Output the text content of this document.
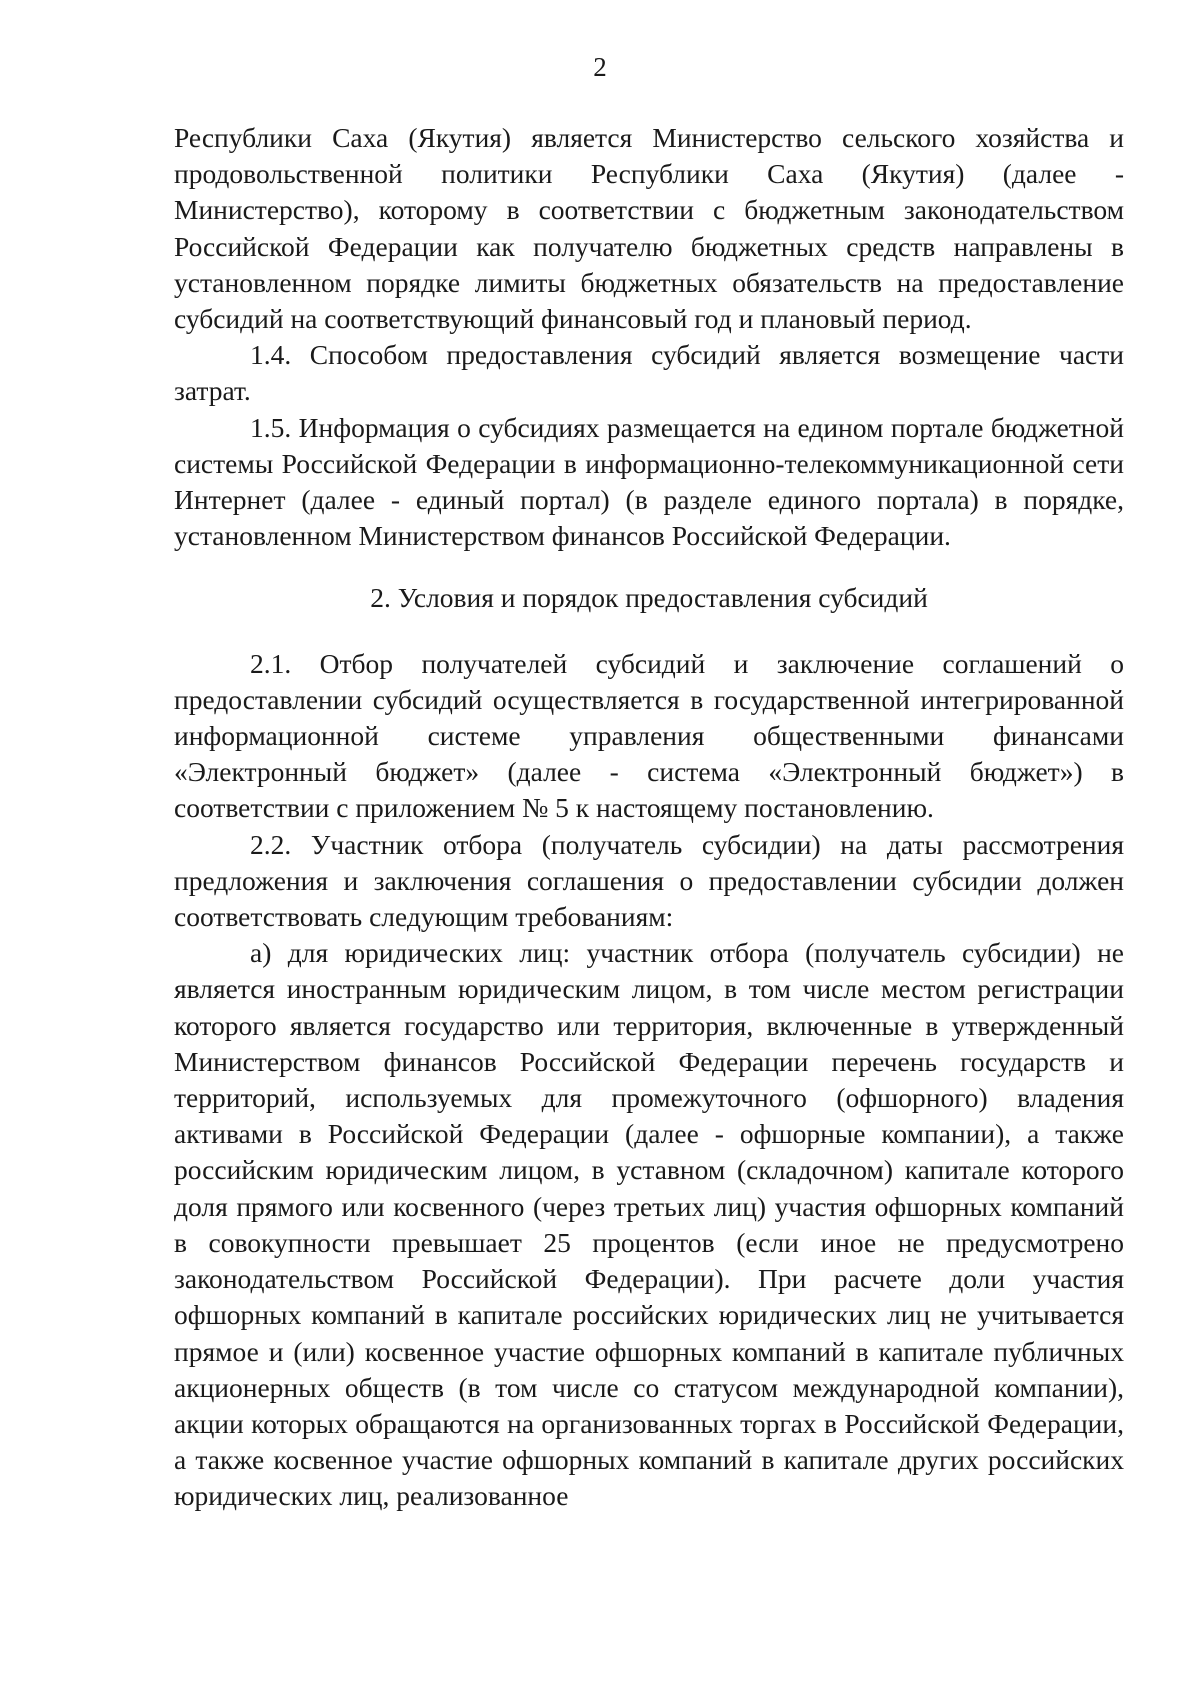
2

Республики Саха (Якутия) является Министерство сельского хозяйства и продовольственной политики Республики Саха (Якутия) (далее - Министерство), которому в соответствии с бюджетным законодательством Российской Федерации как получателю бюджетных средств направлены в установленном порядке лимиты бюджетных обязательств на предоставление субсидий на соответствующий финансовый год и плановый период.

1.4. Способом предоставления субсидий является возмещение части затрат.

1.5. Информация о субсидиях размещается на едином портале бюджетной системы Российской Федерации в информационно-телекоммуникационной сети Интернет (далее - единый портал) (в разделе единого портала) в порядке, установленном Министерством финансов Российской Федерации.

2. Условия и порядок предоставления субсидий

2.1. Отбор получателей субсидий и заключение соглашений о предоставлении субсидий осуществляется в государственной интегрированной информационной системе управления общественными финансами «Электронный бюджет» (далее - система «Электронный бюджет») в соответствии с приложением № 5 к настоящему постановлению.

2.2. Участник отбора (получатель субсидии) на даты рассмотрения предложения и заключения соглашения о предоставлении субсидии должен соответствовать следующим требованиям:

а) для юридических лиц: участник отбора (получатель субсидии) не является иностранным юридическим лицом, в том числе местом регистрации которого является государство или территория, включенные в утвержденный Министерством финансов Российской Федерации перечень государств и территорий, используемых для промежуточного (офшорного) владения активами в Российской Федерации (далее - офшорные компании), а также российским юридическим лицом, в уставном (складочном) капитале которого доля прямого или косвенного (через третьих лиц) участия офшорных компаний в совокупности превышает 25 процентов (если иное не предусмотрено законодательством Российской Федерации). При расчете доли участия офшорных компаний в капитале российских юридических лиц не учитывается прямое и (или) косвенное участие офшорных компаний в капитале публичных акционерных обществ (в том числе со статусом международной компании), акции которых обращаются на организованных торгах в Российской Федерации, а также косвенное участие офшорных компаний в капитале других российских юридических лиц, реализованное
